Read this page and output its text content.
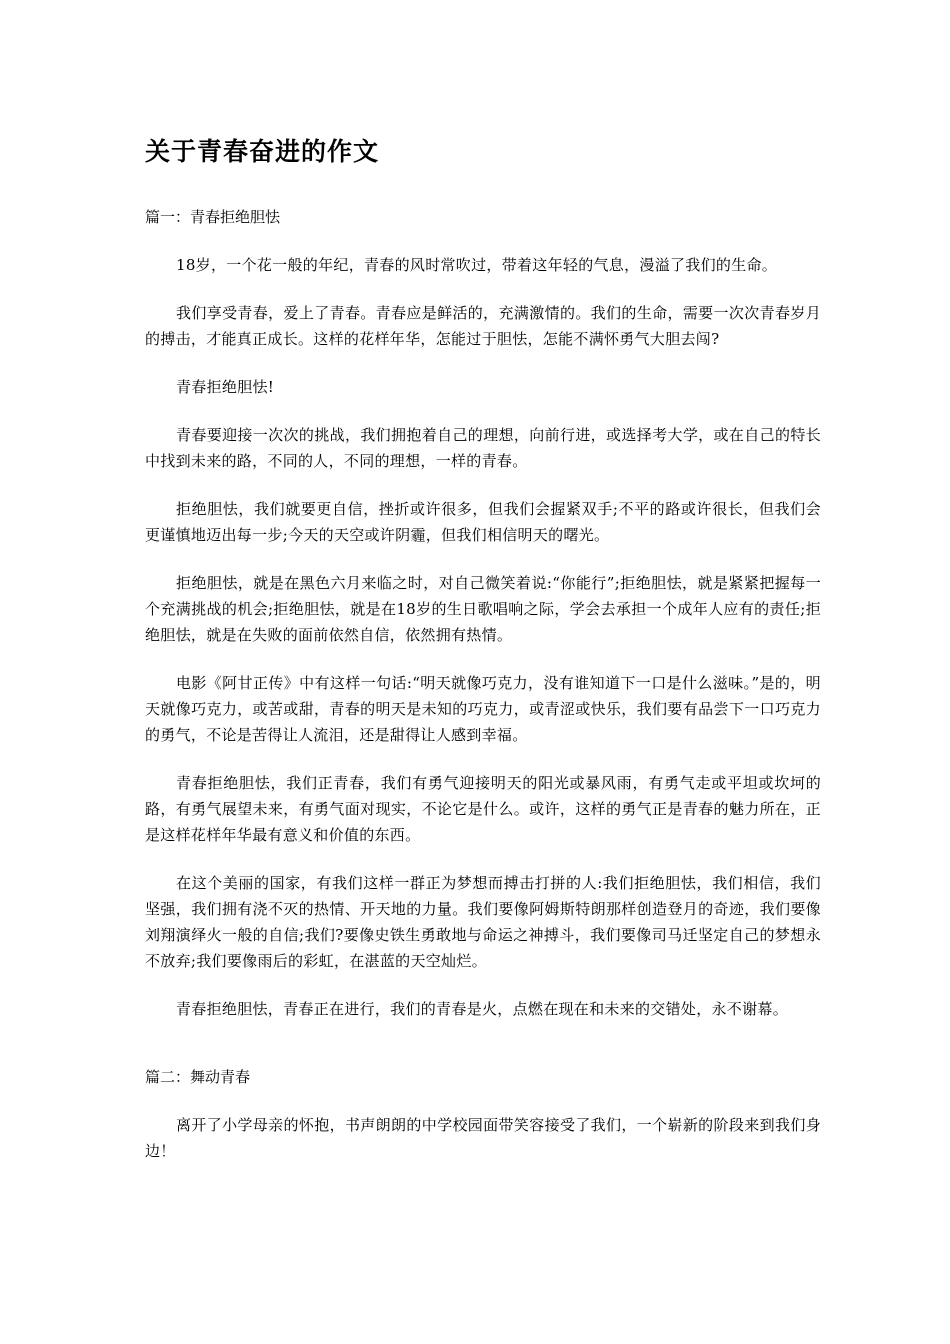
关于青春奋进的作文
篇一：青春拒绝胆怯

18岁，一个花一般的年纪，青春的风时常吹过，带着这年轻的气息，漫溢了我们的生命。

我们享受青春，爱上了青春。青春应是鲜活的，充满激情的。我们的生命，需要一次次青春岁月的搏击，才能真正成长。这样的花样年华，怎能过于胆怯，怎能不满怀勇气大胆去闯?

青春拒绝胆怯!

青春要迎接一次次的挑战，我们拥抱着自己的理想，向前行进，或选择考大学，或在自己的特长中找到未来的路，不同的人，不同的理想，一样的青春。

拒绝胆怯，我们就要更自信，挫折或许很多，但我们会握紧双手;不平的路或许很长，但我们会更谨慎地迈出每一步;今天的天空或许阴霾，但我们相信明天的曙光。

拒绝胆怯，就是在黑色六月来临之时，对自己微笑着说:“你能行”;拒绝胆怯，就是紧紧把握每一个充满挑战的机会;拒绝胆怯，就是在18岁的生日歌唱响之际，学会去承担一个成年人应有的责任;拒绝胆怯，就是在失败的面前依然自信，依然拥有热情。

电影《阿甘正传》中有这样一句话:“明天就像巧克力，没有谁知道下一口是什么滋味。”是的，明天就像巧克力，或苦或甜，青春的明天是未知的巧克力，或青涩或快乐，我们要有品尝下一口巧克力的勇气，不论是苦得让人流泪，还是甜得让人感到幸福。

青春拒绝胆怯，我们正青春，我们有勇气迎接明天的阳光或暴风雨，有勇气走或平坦或坎坷的路，有勇气展望未来，有勇气面对现实，不论它是什么。或许，这样的勇气正是青春的魅力所在，正是这样花样年华最有意义和价值的东西。

在这个美丽的国家，有我们这样一群正为梦想而搏击打拼的人:我们拒绝胆怯，我们相信，我们坚强，我们拥有浇不灭的热情、开天地的力量。我们要像阿姆斯特朗那样创造登月的奇迹，我们要像刘翔演绎火一般的自信;我们?要像史铁生勇敢地与命运之神搏斗，我们要像司马迁坚定自己的梦想永不放弃;我们要像雨后的彩虹，在湛蓝的天空灿烂。

青春拒绝胆怯，青春正在进行，我们的青春是火，点燃在现在和未来的交错处，永不谢幕。

篇二：舞动青春

离开了小学母亲的怀抱，书声朗朗的中学校园面带笑容接受了我们，一个崭新的阶段来到我们身边！
